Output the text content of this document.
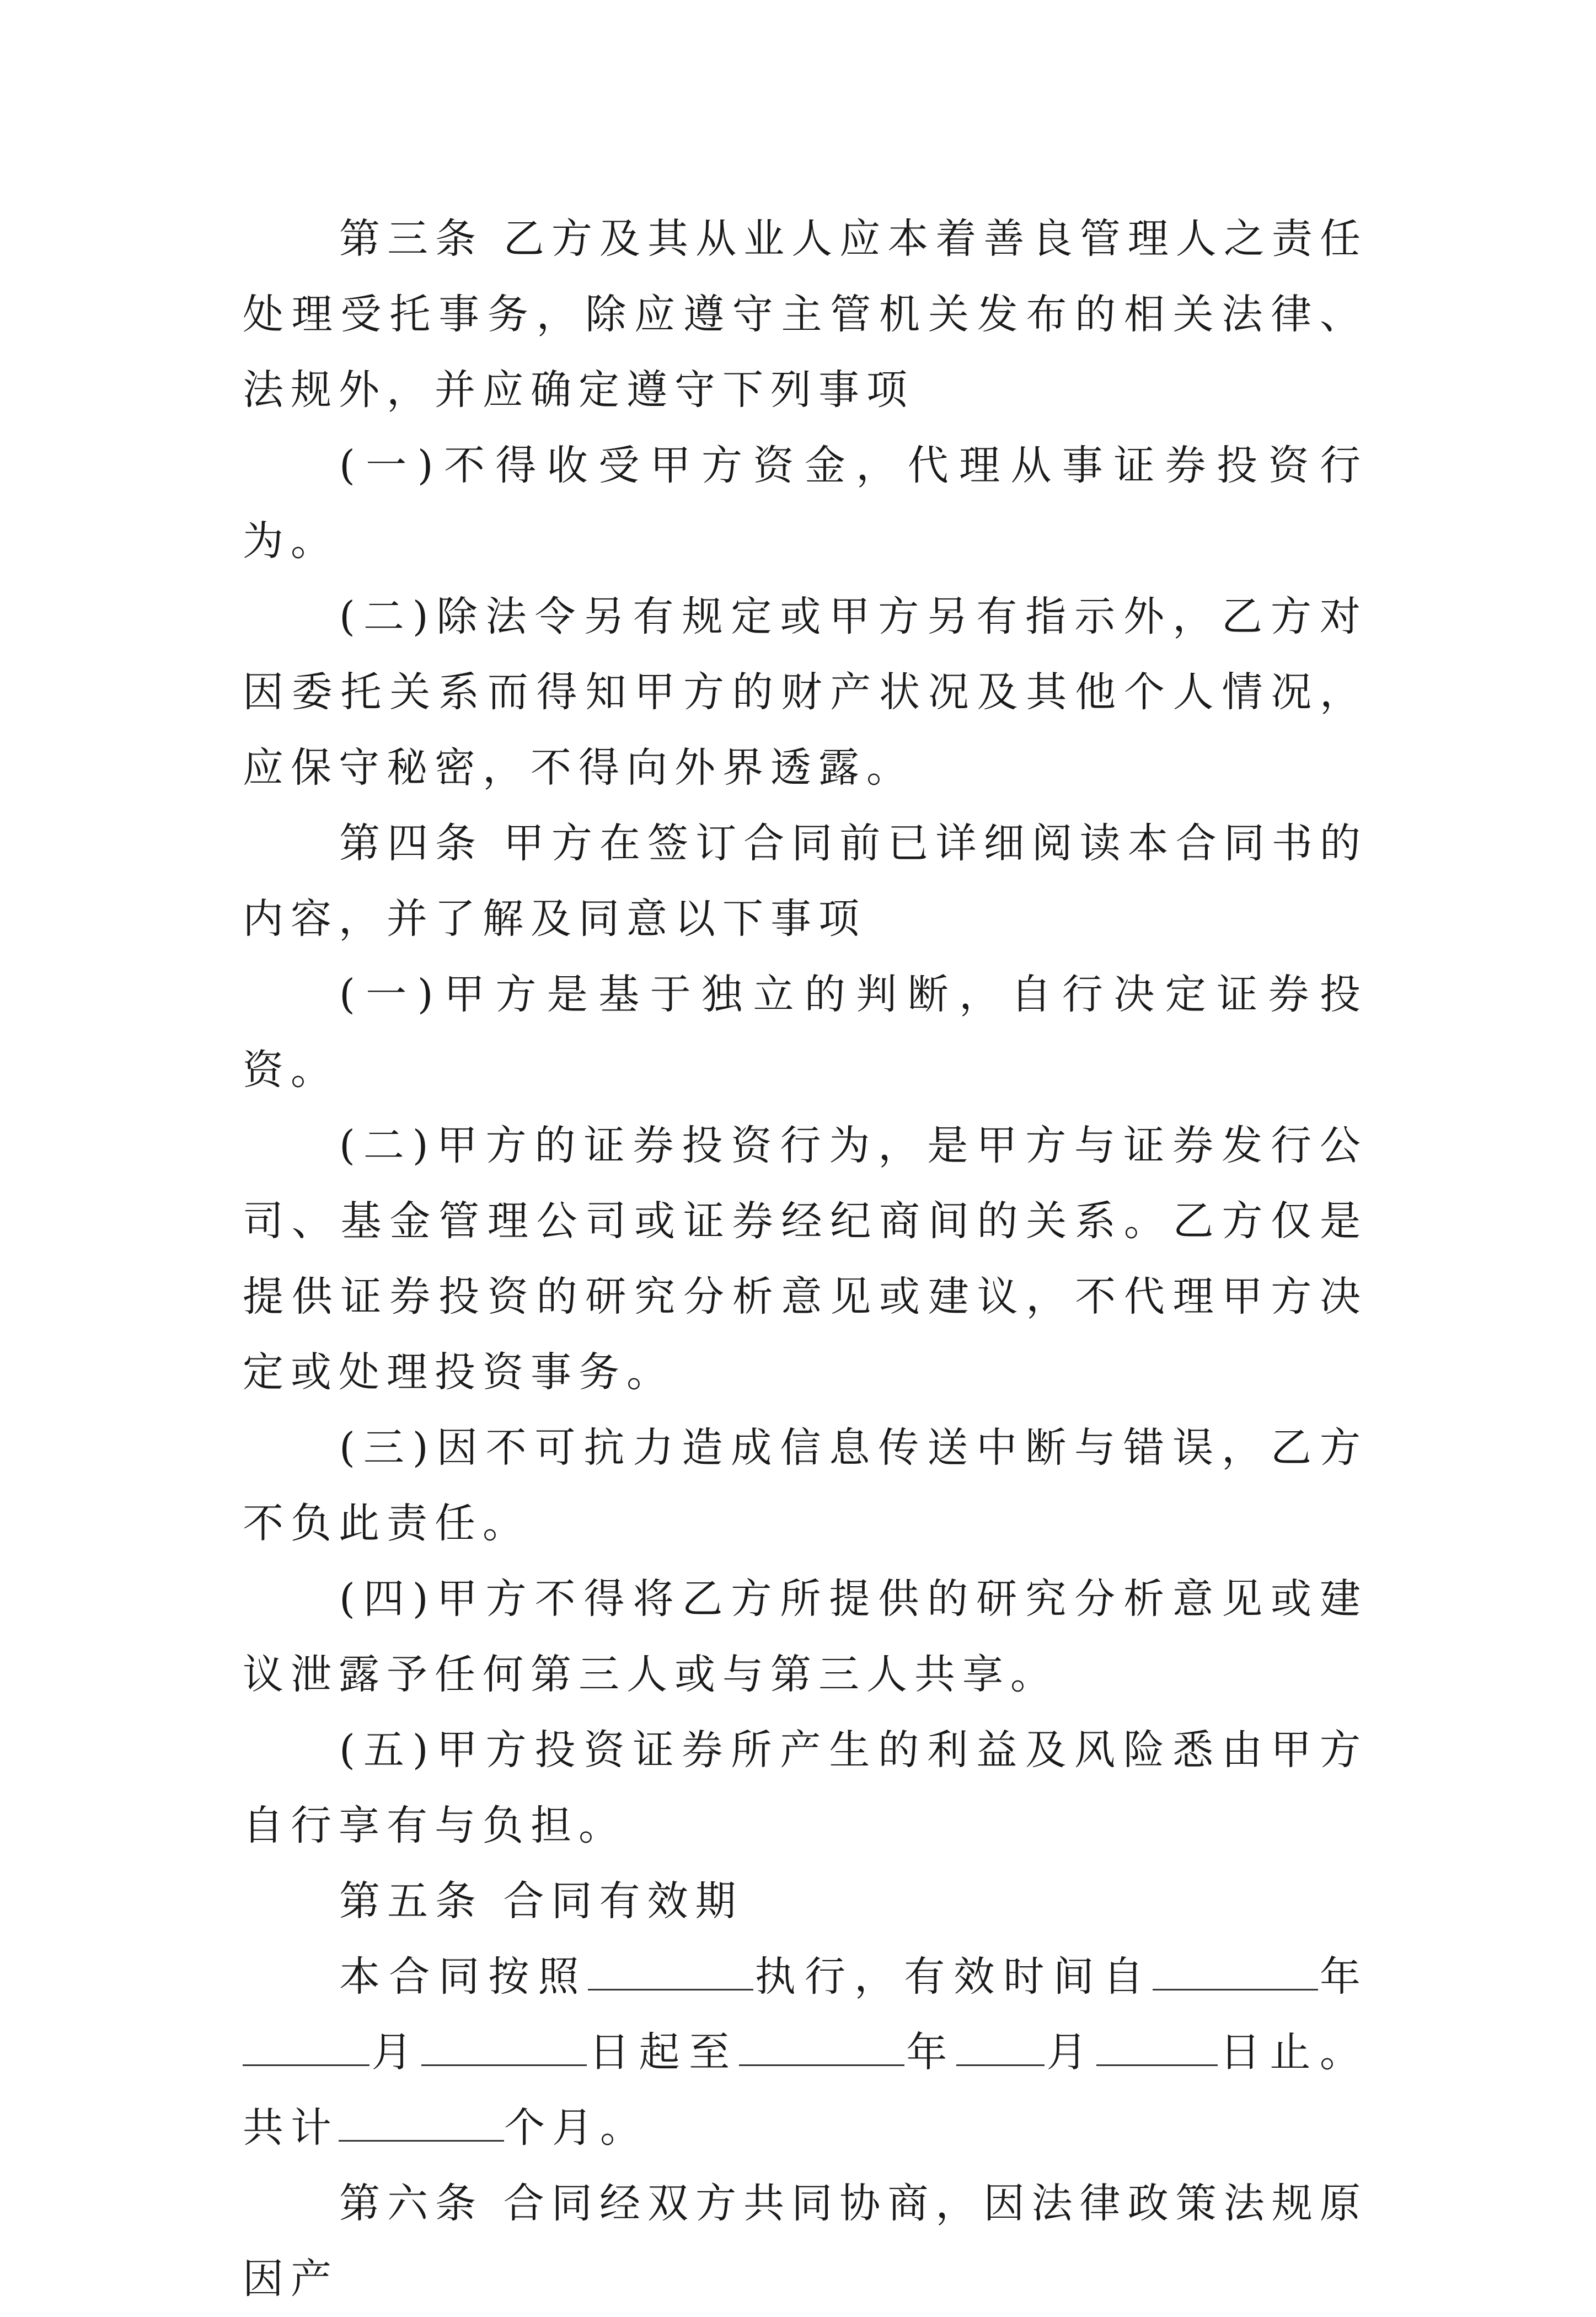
第三条 乙方及其从业人应本着善良管理人之责任处理受托事务，除应遵守主管机关发布的相关法律、法规外，并应确定遵守下列事项

(一)不得收受甲方资金，代理从事证券投资行为。

(二)除法令另有规定或甲方另有指示外，乙方对因委托关系而得知甲方的财产状况及其他个人情况，应保守秘密，不得向外界透露。

第四条 甲方在签订合同前已详细阅读本合同书的内容，并了解及同意以下事项

(一)甲方是基于独立的判断，自行决定证券投资。

(二)甲方的证券投资行为，是甲方与证券发行公司、基金管理公司或证券经纪商间的关系。乙方仅是提供证券投资的研究分析意见或建议，不代理甲方决定或处理投资事务。

(三)因不可抗力造成信息传送中断与错误，乙方不负此责任。

(四)甲方不得将乙方所提供的研究分析意见或建议泄露予任何第三人或与第三人共享。

(五)甲方投资证券所产生的利益及风险悉由甲方自行享有与负担。

第五条 合同有效期

本合同按照	执行，有效时间自	年月	日起至	年 月	日止。共计	个月。

第六条 合同经双方共同协商，因法律政策法规原因产
